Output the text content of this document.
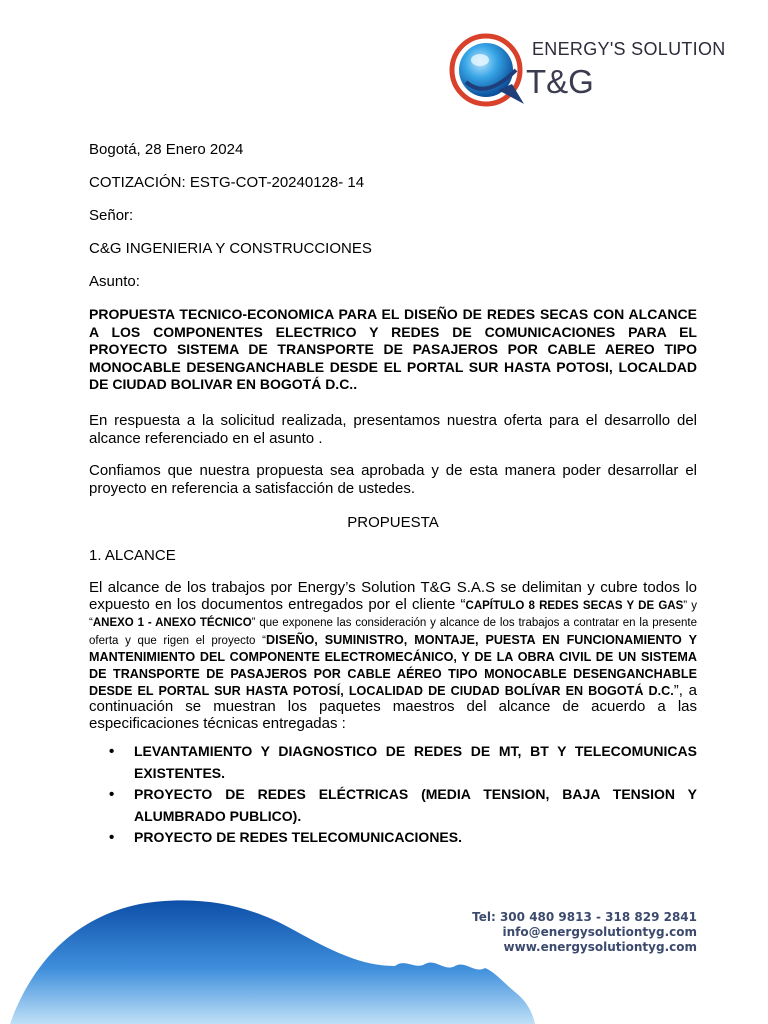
ENERGY'S SOLUTION
T&G
Bogotá, 28 Enero 2024
COTIZACIÓN: ESTG-COT-20240128- 14
Señor:
C&G INGENIERIA Y CONSTRUCCIONES
Asunto:
PROPUESTA TECNICO-ECONOMICA PARA EL DISEÑO DE REDES SECAS CON ALCANCE A LOS COMPONENTES ELECTRICO Y REDES DE COMUNICACIONES PARA EL PROYECTO SISTEMA DE TRANSPORTE DE PASAJEROS POR CABLE AEREO TIPO MONOCABLE DESENGANCHABLE DESDE EL PORTAL SUR HASTA POTOSI, LOCALDAD DE CIUDAD BOLIVAR EN BOGOTÁ D.C..
En respuesta a la solicitud realizada, presentamos nuestra oferta para el desarrollo del alcance referenciado en el asunto .
Confiamos que nuestra propuesta sea aprobada y de esta manera poder desarrollar el proyecto en referencia a satisfacción de ustedes.
PROPUESTA
1. ALCANCE
El alcance de los trabajos por Energy’s Solution T&G S.A.S se delimitan y cubre todos lo expuesto en los documentos entregados por el cliente “CAPÍTULO 8 REDES SECAS Y DE GAS” y “ANEXO 1 - ANEXO TÉCNICO” que exponene las consideración y alcance de los trabajos a contratar en la presente oferta y que rigen el proyecto “DISEÑO, SUMINISTRO, MONTAJE, PUESTA EN FUNCIONAMIENTO Y MANTENIMIENTO DEL COMPONENTE ELECTROMECÁNICO, Y DE LA OBRA CIVIL DE UN SISTEMA DE TRANSPORTE DE PASAJEROS POR CABLE AÉREO TIPO MONOCABLE DESENGANCHABLE DESDE EL PORTAL SUR HASTA POTOSÍ, LOCALIDAD DE CIUDAD BOLÍVAR EN BOGOTÁ D.C.”, a continuación se muestran los paquetes maestros del alcance de acuerdo a las especificaciones técnicas entregadas :
• LEVANTAMIENTO Y DIAGNOSTICO DE REDES DE MT, BT Y TELECOMUNICAS EXISTENTES.
• PROYECTO DE REDES ELÉCTRICAS (MEDIA TENSION, BAJA TENSION Y ALUMBRADO PUBLICO).
• PROYECTO DE REDES TELECOMUNICACIONES.
Tel: 300 480 9813 - 318 829 2841
info@energysolutiontyg.com
www.energysolutiontyg.com
